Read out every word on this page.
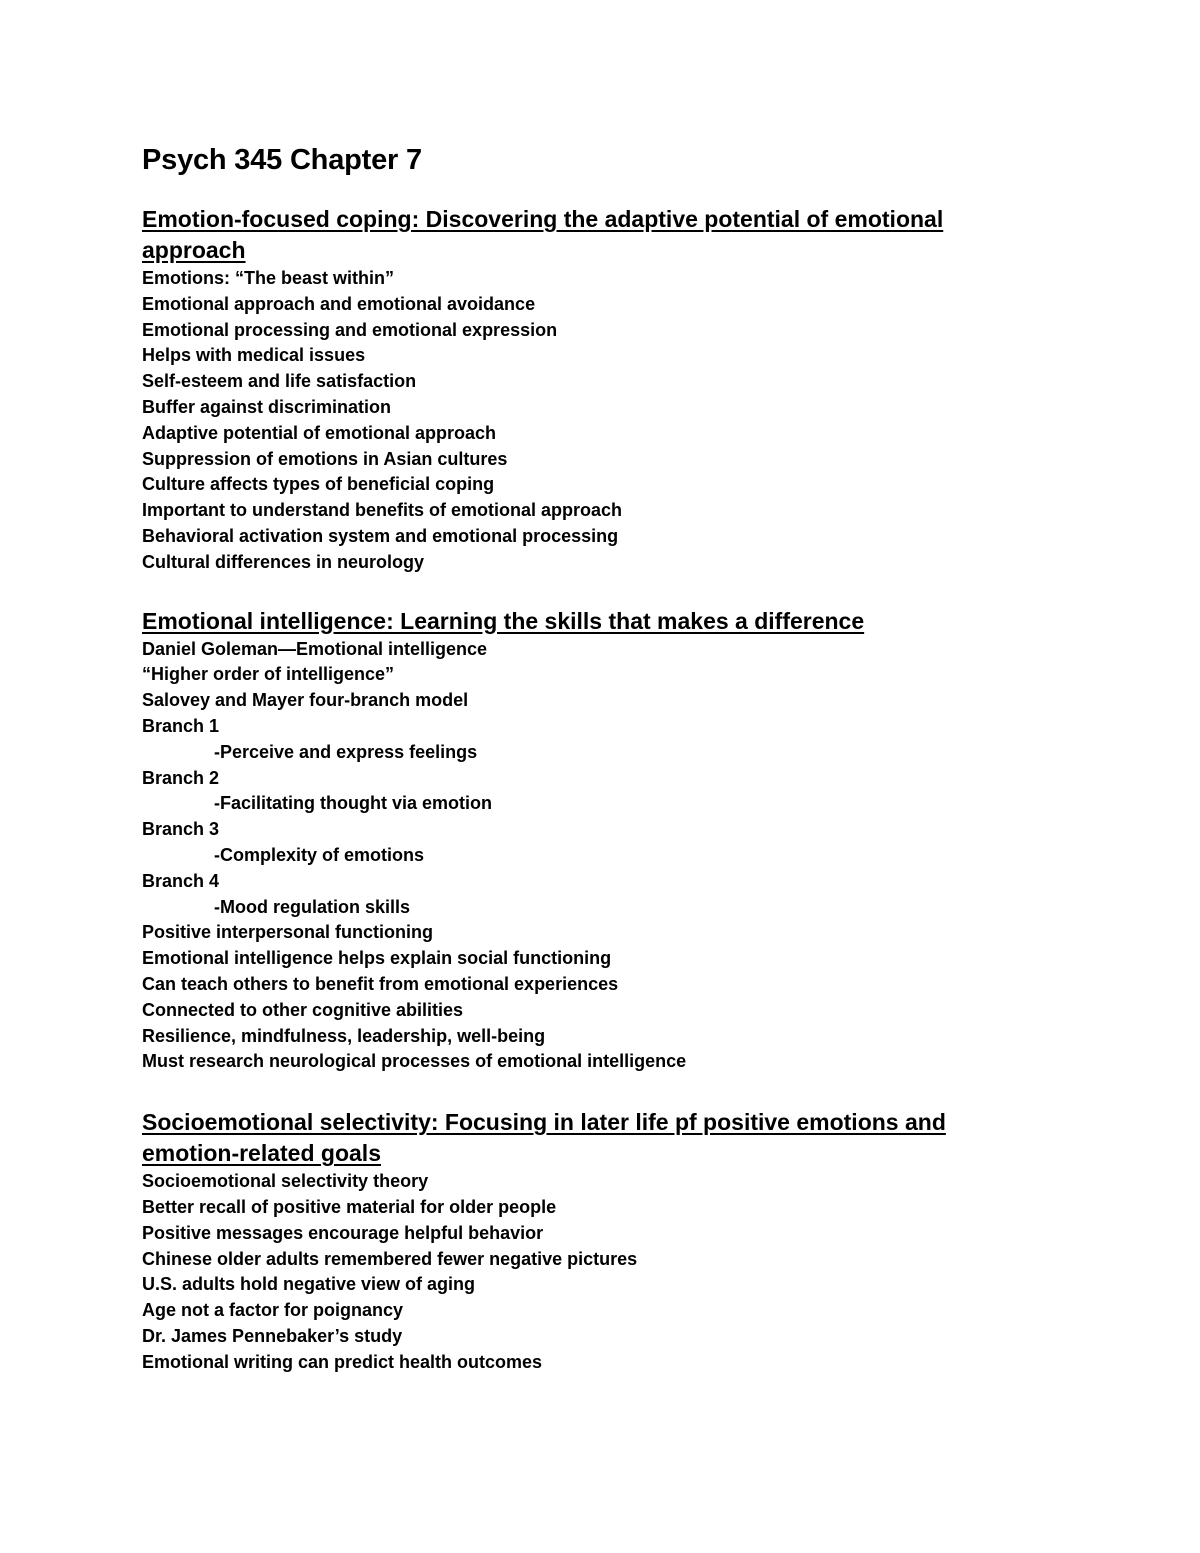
Psych 345 Chapter 7
Emotion-focused coping: Discovering the adaptive potential of emotional
approach
Emotions: “The beast within”
Emotional approach and emotional avoidance
Emotional processing and emotional expression
Helps with medical issues
Self-esteem and life satisfaction
Buffer against discrimination
Adaptive potential of emotional approach
Suppression of emotions in Asian cultures
Culture affects types of beneficial coping
Important to understand benefits of emotional approach
Behavioral activation system and emotional processing
Cultural differences in neurology
Emotional intelligence: Learning the skills that makes a difference
Daniel Goleman—Emotional intelligence
“Higher order of intelligence”
Salovey and Mayer four-branch model
Branch 1
-Perceive and express feelings
Branch 2
-Facilitating thought via emotion
Branch 3
-Complexity of emotions
Branch 4
-Mood regulation skills
Positive interpersonal functioning
Emotional intelligence helps explain social functioning
Can teach others to benefit from emotional experiences
Connected to other cognitive abilities
Resilience, mindfulness, leadership, well-being
Must research neurological processes of emotional intelligence
Socioemotional selectivity: Focusing in later life pf positive emotions and
emotion-related goals
Socioemotional selectivity theory
Better recall of positive material for older people
Positive messages encourage helpful behavior
Chinese older adults remembered fewer negative pictures
U.S. adults hold negative view of aging
Age not a factor for poignancy
Dr. James Pennebaker’s study
Emotional writing can predict health outcomes
